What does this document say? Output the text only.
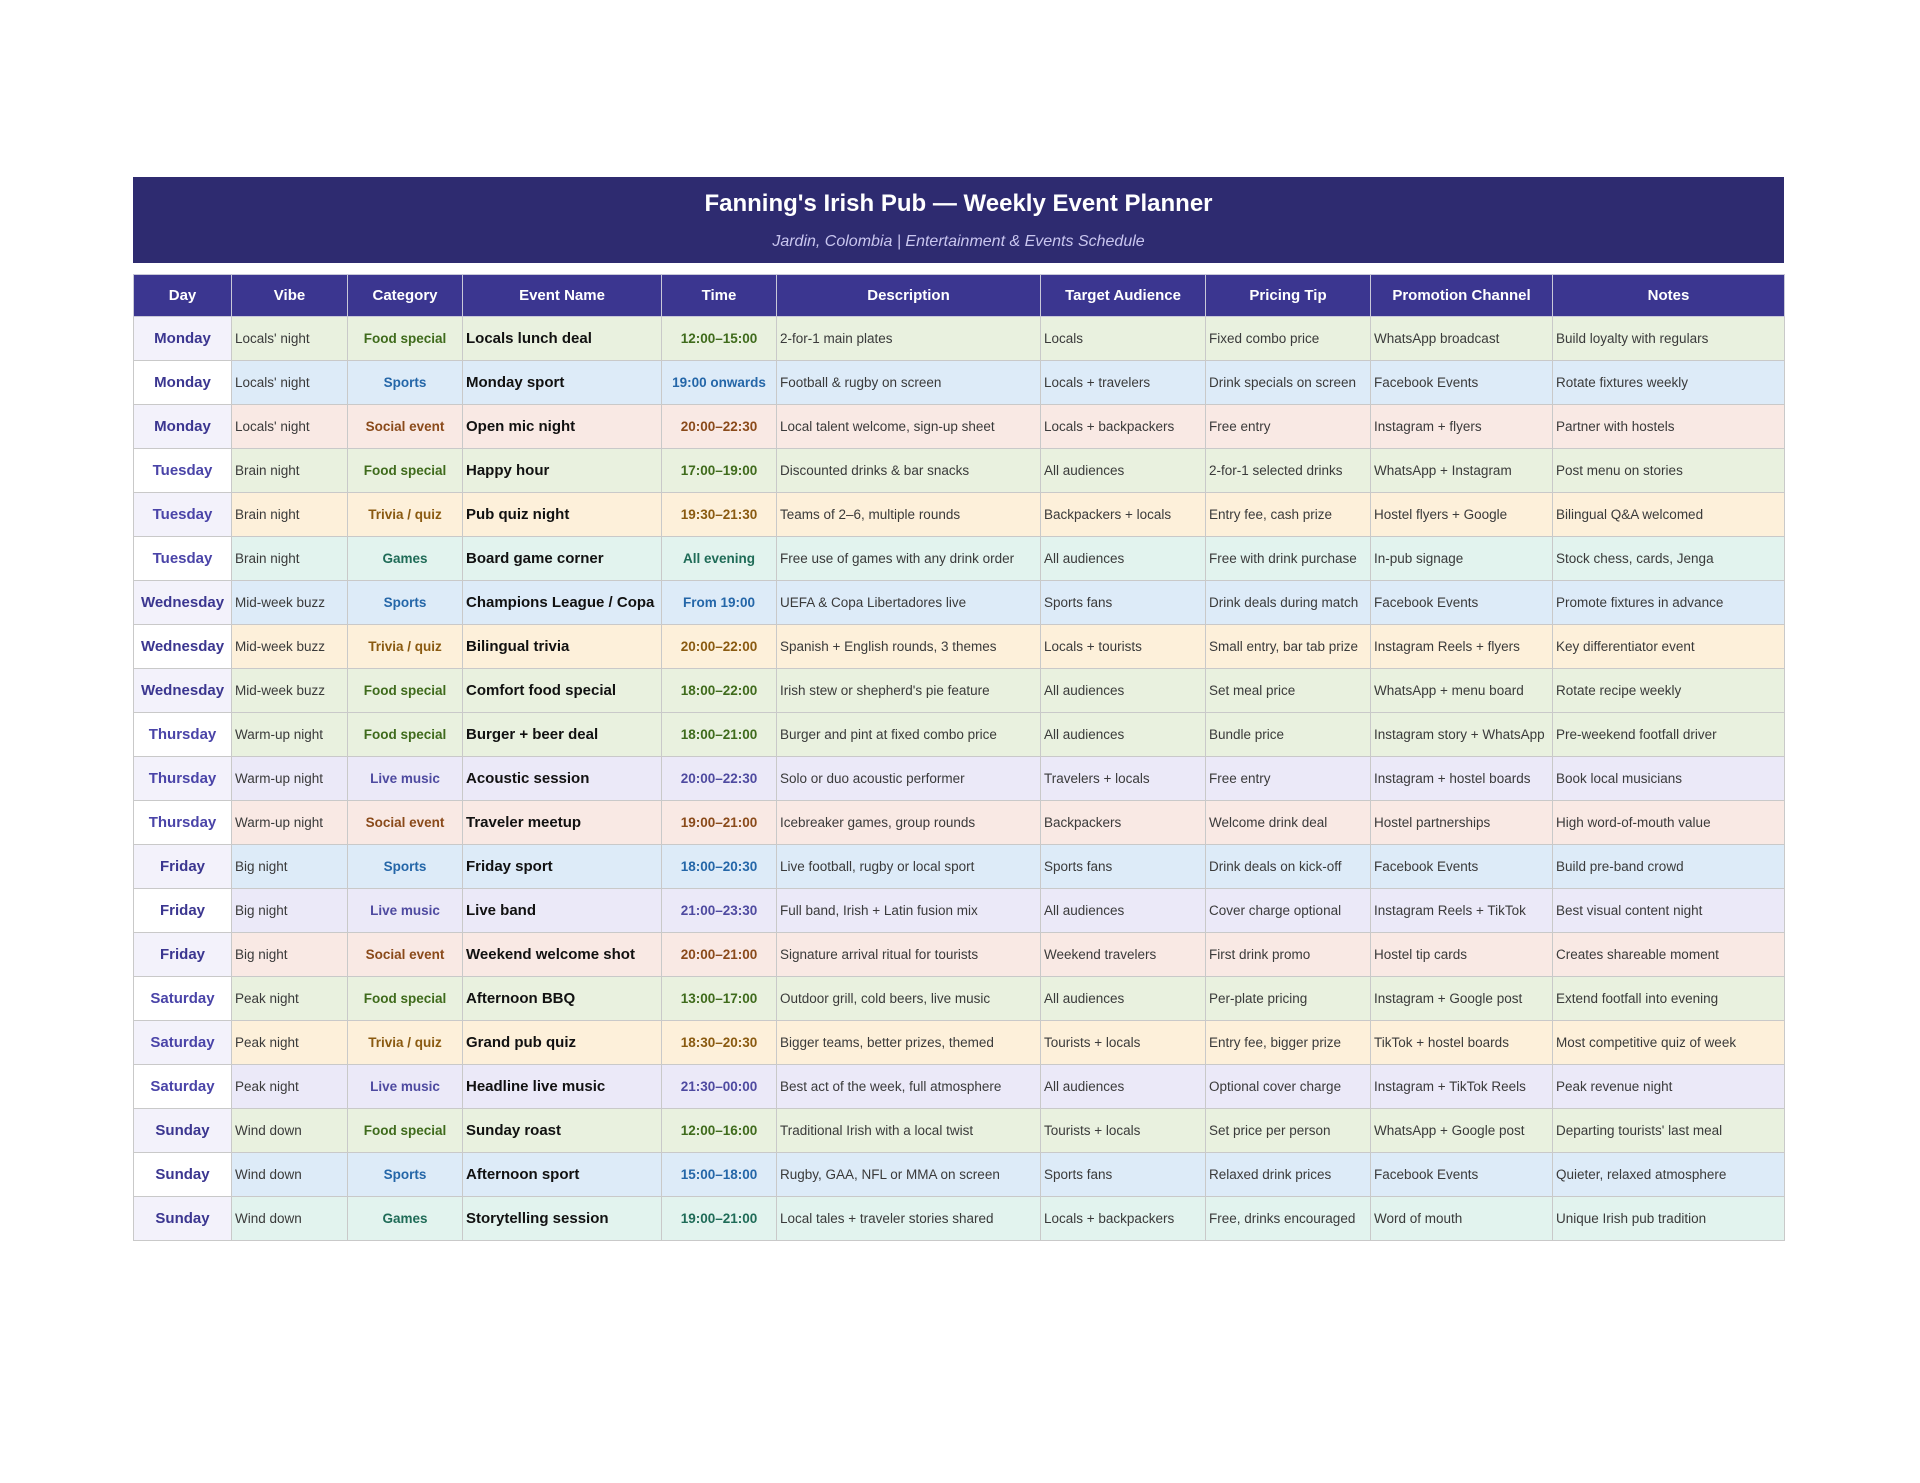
Fanning's Irish Pub — Weekly Event Planner
Jardin, Colombia | Entertainment & Events Schedule
Day	Vibe	Category	Event Name	Time	Description	Target Audience	Pricing Tip	Promotion Channel	Notes
Monday	Locals' night	Food special	Locals lunch deal	12:00–15:00	2-for-1 main plates	Locals	Fixed combo price	WhatsApp broadcast	Build loyalty with regulars
Monday	Locals' night	Sports	Monday sport	19:00 onwards	Football & rugby on screen	Locals + travelers	Drink specials on screen	Facebook Events	Rotate fixtures weekly
Monday	Locals' night	Social event	Open mic night	20:00–22:30	Local talent welcome, sign-up sheet	Locals + backpackers	Free entry	Instagram + flyers	Partner with hostels
Tuesday	Brain night	Food special	Happy hour	17:00–19:00	Discounted drinks & bar snacks	All audiences	2-for-1 selected drinks	WhatsApp + Instagram	Post menu on stories
Tuesday	Brain night	Trivia / quiz	Pub quiz night	19:30–21:30	Teams of 2–6, multiple rounds	Backpackers + locals	Entry fee, cash prize	Hostel flyers + Google	Bilingual Q&A welcomed
Tuesday	Brain night	Games	Board game corner	All evening	Free use of games with any drink order	All audiences	Free with drink purchase	In-pub signage	Stock chess, cards, Jenga
Wednesday	Mid-week buzz	Sports	Champions League / Copa	From 19:00	UEFA & Copa Libertadores live	Sports fans	Drink deals during match	Facebook Events	Promote fixtures in advance
Wednesday	Mid-week buzz	Trivia / quiz	Bilingual trivia	20:00–22:00	Spanish + English rounds, 3 themes	Locals + tourists	Small entry, bar tab prize	Instagram Reels + flyers	Key differentiator event
Wednesday	Mid-week buzz	Food special	Comfort food special	18:00–22:00	Irish stew or shepherd's pie feature	All audiences	Set meal price	WhatsApp + menu board	Rotate recipe weekly
Thursday	Warm-up night	Food special	Burger + beer deal	18:00–21:00	Burger and pint at fixed combo price	All audiences	Bundle price	Instagram story + WhatsApp	Pre-weekend footfall driver
Thursday	Warm-up night	Live music	Acoustic session	20:00–22:30	Solo or duo acoustic performer	Travelers + locals	Free entry	Instagram + hostel boards	Book local musicians
Thursday	Warm-up night	Social event	Traveler meetup	19:00–21:00	Icebreaker games, group rounds	Backpackers	Welcome drink deal	Hostel partnerships	High word-of-mouth value
Friday	Big night	Sports	Friday sport	18:00–20:30	Live football, rugby or local sport	Sports fans	Drink deals on kick-off	Facebook Events	Build pre-band crowd
Friday	Big night	Live music	Live band	21:00–23:30	Full band, Irish + Latin fusion mix	All audiences	Cover charge optional	Instagram Reels + TikTok	Best visual content night
Friday	Big night	Social event	Weekend welcome shot	20:00–21:00	Signature arrival ritual for tourists	Weekend travelers	First drink promo	Hostel tip cards	Creates shareable moment
Saturday	Peak night	Food special	Afternoon BBQ	13:00–17:00	Outdoor grill, cold beers, live music	All audiences	Per-plate pricing	Instagram + Google post	Extend footfall into evening
Saturday	Peak night	Trivia / quiz	Grand pub quiz	18:30–20:30	Bigger teams, better prizes, themed	Tourists + locals	Entry fee, bigger prize	TikTok + hostel boards	Most competitive quiz of week
Saturday	Peak night	Live music	Headline live music	21:30–00:00	Best act of the week, full atmosphere	All audiences	Optional cover charge	Instagram + TikTok Reels	Peak revenue night
Sunday	Wind down	Food special	Sunday roast	12:00–16:00	Traditional Irish with a local twist	Tourists + locals	Set price per person	WhatsApp + Google post	Departing tourists' last meal
Sunday	Wind down	Sports	Afternoon sport	15:00–18:00	Rugby, GAA, NFL or MMA on screen	Sports fans	Relaxed drink prices	Facebook Events	Quieter, relaxed atmosphere
Sunday	Wind down	Games	Storytelling session	19:00–21:00	Local tales + traveler stories shared	Locals + backpackers	Free, drinks encouraged	Word of mouth	Unique Irish pub tradition
